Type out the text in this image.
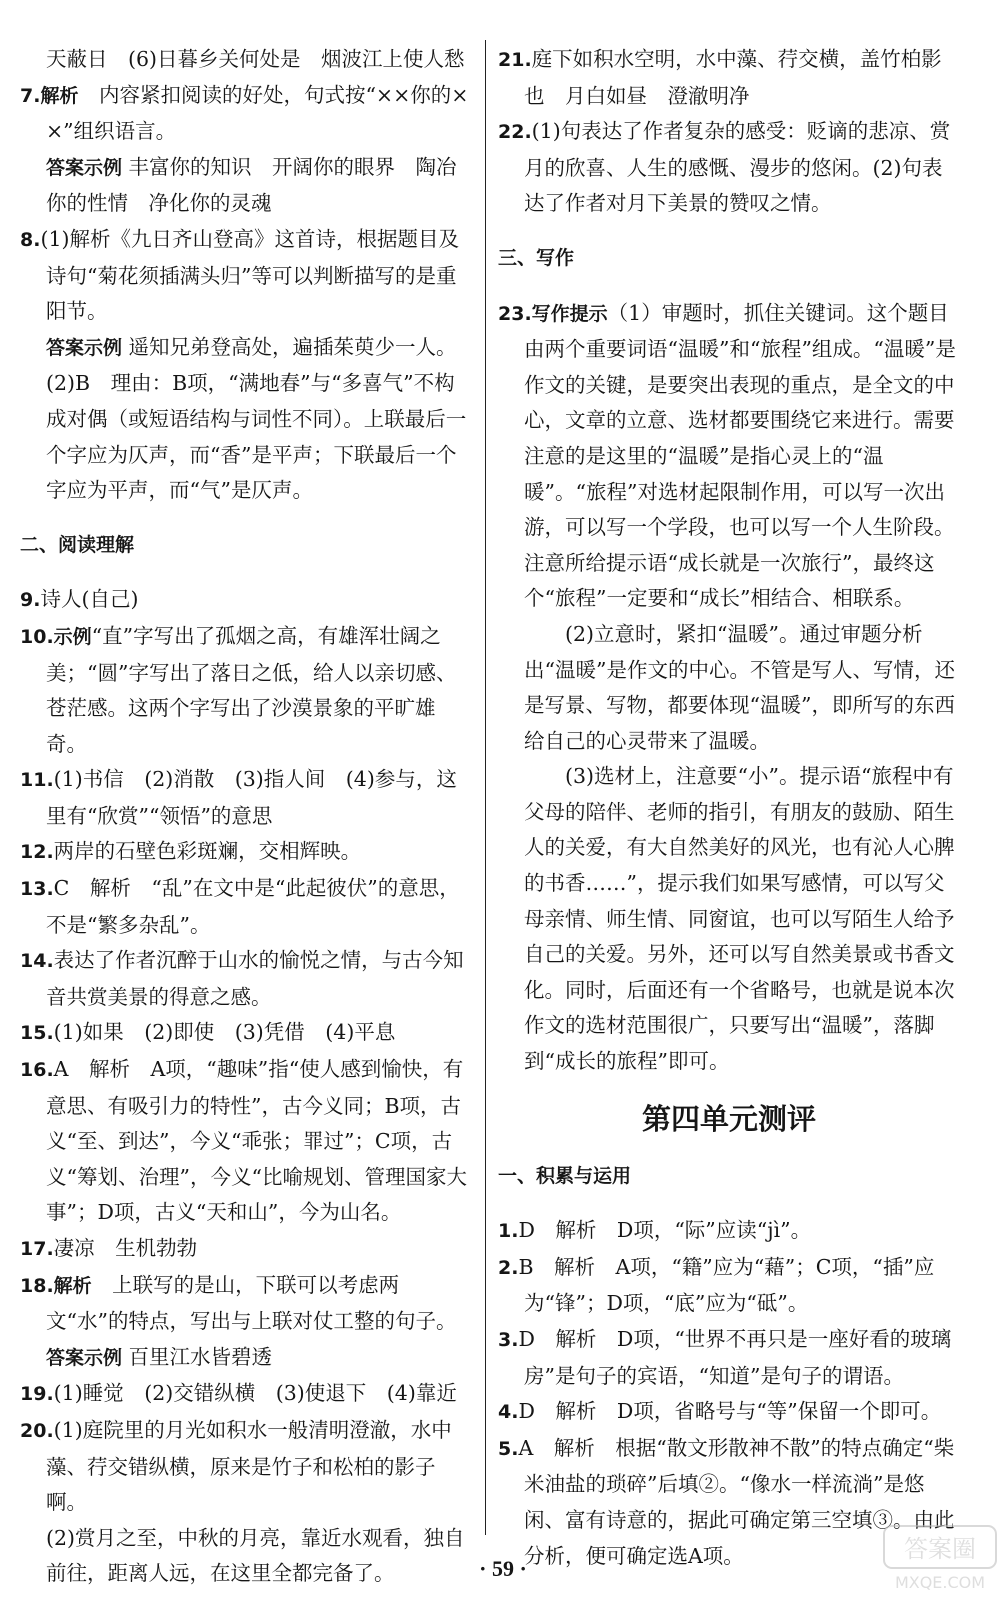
天蔽日　(6)日暮乡关何处是　烟波江上使人愁

7.解析　内容紧扣阅读的好处，句式按“××你的××”组织语言。

答案示例 丰富你的知识　开阔你的眼界　陶冶你的性情　净化你的灵魂

8.(1)解析《九日齐山登高》这首诗，根据题目及诗句“菊花须插满头归”等可以判断描写的是重阳节。

答案示例 遥知兄弟登高处，遍插茱萸少一人。

(2)B　理由：B项，“满地春”与“多喜气”不构成对偶（或短语结构与词性不同）。上联最后一个字应为仄声，而“香”是平声；下联最后一个字应为平声，而“气”是仄声。

二、阅读理解

9.诗人(自己)

10.示例“直”字写出了孤烟之高，有雄浑壮阔之美；“圆”字写出了落日之低，给人以亲切感、苍茫感。这两个字写出了沙漠景象的平旷雄奇。

11.(1)书信　(2)消散　(3)指人间　(4)参与，这里有“欣赏”“领悟”的意思

12.两岸的石壁色彩斑斓，交相辉映。

13.C　解析　“乱”在文中是“此起彼伏”的意思，不是“繁多杂乱”。

14.表达了作者沉醉于山水的愉悦之情，与古今知音共赏美景的得意之感。

15.(1)如果　(2)即使　(3)凭借　(4)平息

16.A　解析　A项，“趣味”指“使人感到愉快，有意思、有吸引力的特性”，古今义同；B项，古义“至、到达”，今义“乖张；罪过”；C项，古义“筹划、治理”，今义“比喻规划、管理国家大事”；D项，古义“天和山”，今为山名。

17.凄凉　生机勃勃

18.解析　上联写的是山，下联可以考虑两文“水”的特点，写出与上联对仗工整的句子。

答案示例 百里江水皆碧透

19.(1)睡觉　(2)交错纵横　(3)使退下　(4)靠近

20.(1)庭院里的月光如积水一般清明澄澈，水中藻、荇交错纵横，原来是竹子和松柏的影子啊。

(2)赏月之至，中秋的月亮，靠近水观看，独自前往，距离人远，在这里全都完备了。

21.庭下如积水空明，水中藻、荇交横，盖竹柏影也　月白如昼　澄澈明净

22.(1)句表达了作者复杂的感受：贬谪的悲凉、赏月的欣喜、人生的感慨、漫步的悠闲。(2)句表达了作者对月下美景的赞叹之情。

三、写作

23.写作提示（1）审题时，抓住关键词。这个题目由两个重要词语“温暖”和“旅程”组成。“温暖”是作文的关键，是要突出表现的重点，是全文的中心，文章的立意、选材都要围绕它来进行。需要注意的是这里的“温暖”是指心灵上的“温暖”。“旅程”对选材起限制作用，可以写一次出游，可以写一个学段，也可以写一个人生阶段。注意所给提示语“成长就是一次旅行”，最终这个“旅程”一定要和“成长”相结合、相联系。

(2)立意时，紧扣“温暖”。通过审题分析出“温暖”是作文的中心。不管是写人、写情，还是写景、写物，都要体现“温暖”，即所写的东西给自己的心灵带来了温暖。

(3)选材上，注意要“小”。提示语“旅程中有父母的陪伴、老师的指引，有朋友的鼓励、陌生人的关爱，有大自然美好的风光，也有沁人心脾的书香……”，提示我们如果写感情，可以写父母亲情、师生情、同窗谊，也可以写陌生人给予自己的关爱。另外，还可以写自然美景或书香文化。同时，后面还有一个省略号，也就是说本次作文的选材范围很广，只要写出“温暖”，落脚到“成长的旅程”即可。

第四单元测评

一、积累与运用

1.D　解析　D项，“际”应读“jì”。

2.B　解析　A项，“籍”应为“藉”；C项，“插”应为“锋”；D项，“底”应为“砥”。

3.D　解析　D项，“世界不再只是一座好看的玻璃房”是句子的宾语，“知道”是句子的谓语。

4.D　解析　D项，省略号与“等”保留一个即可。

5.A　解析　根据“散文形散神不散”的特点确定“柴米油盐的琐碎”后填②。“像水一样流淌”是悠闲、富有诗意的，据此可确定第三空填③。由此分析，便可确定选A项。

· 59 ·
答案圈
MXQE.COM
